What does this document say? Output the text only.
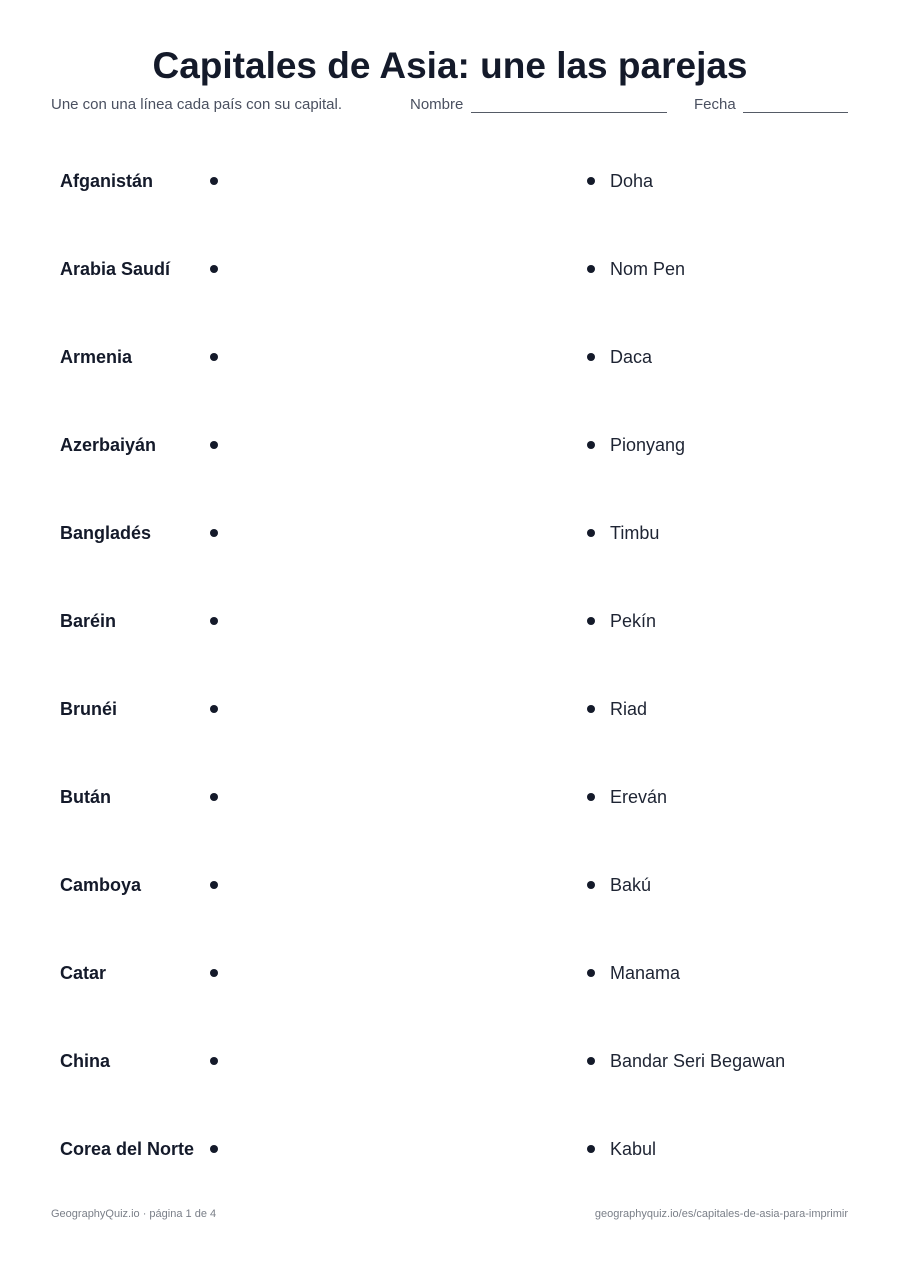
Capitales de Asia: une las parejas
Une con una línea cada país con su capital.	Nombre	Fecha
Afganistán	Doha
Arabia Saudí	Nom Pen
Armenia	Daca
Azerbaiyán	Pionyang
Bangladés	Timbu
Baréin	Pekín
Brunéi	Riad
Bután	Ereván
Camboya	Bakú
Catar	Manama
China	Bandar Seri Begawan
Corea del Norte	Kabul
GeographyQuiz.io · página 1 de 4	geographyquiz.io/es/capitales-de-asia-para-imprimir
